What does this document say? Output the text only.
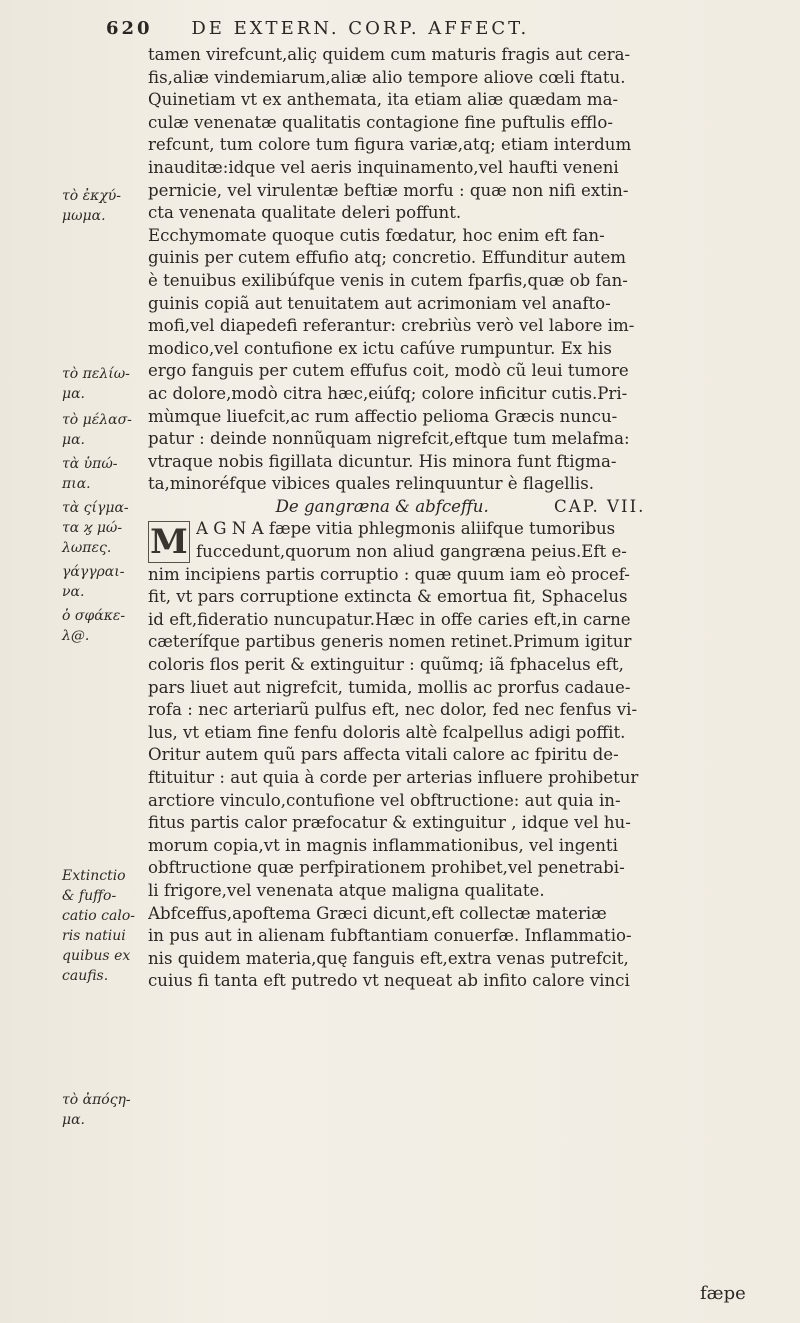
620 DE EXTERN. CORP. AFFECT.
τὸ ἐκχύ-
μωμα.
τὸ πελίω-
μα.
τὸ μέλασ-
μα.
τὰ ὑπώ-
πια.
τὰ ςίγμα-
τα ϗ μώ-
λωπες.
γάγγραι-
να.
ὁ σφάκε-
λ@.
Extinctio
& fuffo-
catio calo-
ris natiui
quibus ex
caufis.
τὸ ἀπόςη-
μα.

tamen virefcunt,aliç quidem cum maturis fragis aut cera-
fis,aliæ vindemiarum,aliæ alio tempore aliove cœli ftatu.
Quinetiam vt ex anthemata, ita etiam aliæ quædam ma-
culæ venenatæ qualitatis contagione fine puftulis efflo-
refcunt, tum colore tum figura variæ,atq; etiam interdum
inauditæ:idque vel aeris inquinamento,vel haufti veneni
pernicie, vel virulentæ beftiæ morfu : quæ non nifi extin-
cta venenata qualitate deleri poffunt.

Ecchymomate quoque cutis fœdatur, hoc enim eft fan-
guinis per cutem effufio atq; concretio. Effunditur autem
è tenuibus exilibúfque venis in cutem fparfis,quæ ob fan-
guinis copiã aut tenuitatem aut acrimoniam vel anafto-
mofi,vel diapedefi referantur: crebriùs verò vel labore im-
modico,vel contufione ex ictu cafúve rumpuntur. Ex his
ergo fanguis per cutem effufus coit, modò cũ leui tumore
ac dolore,modò citra hæc,eiúfq; colore inficitur cutis.Pri-
mùmque liuefcit,ac rum affectio pelioma Græcis nuncu-
patur : deinde nonnũquam nigrefcit,eftque tum melafma:
vtraque nobis figillata dicuntur. His minora funt ftigma-
ta,minoréfque vibices quales relinquuntur è flagellis.

De gangræna & abfceffu.	CAP. VII.

M A G N A fæpe vitia phlegmonis aliifque tumoribus
fuccedunt,quorum non aliud gangræna peius.Eft e-
nim incipiens partis corruptio : quæ quum iam eò procef-
fit, vt pars corruptione extincta & emortua fit, Sphacelus
id eft,fideratio nuncupatur.Hæc in offe caries eft,in carne
cæterífque partibus generis nomen retinet.Primum igitur
coloris flos perit & extinguitur : quũmq; iã fphacelus eft,
pars liuet aut nigrefcit, tumida, mollis ac prorfus cadaue-
rofa : nec arteriarũ pulfus eft, nec dolor, fed nec fenfus vi-
lus, vt etiam fine fenfu doloris altè fcalpellus adigi poffit.
Oritur autem quũ pars affecta vitali calore ac fpiritu de-
ftituitur : aut quia à corde per arterias influere prohibetur
arctiore vinculo,contufione vel obftructione: aut quia in-
fitus partis calor præfocatur & extinguitur , idque vel hu-
morum copia,vt in magnis inflammationibus, vel ingenti
obftructione quæ perfpirationem prohibet,vel penetrabi-
li frigore,vel venenata atque maligna qualitate.

Abfceffus,apoftema Græci dicunt,eft collectæ materiæ
in pus aut in alienam fubftantiam conuerfæ. Inflammatio-
nis quidem materia,quę fanguis eft,extra venas putrefcit,
cuius fi tanta eft putredo vt nequeat ab infito calore vinci

fæpe
